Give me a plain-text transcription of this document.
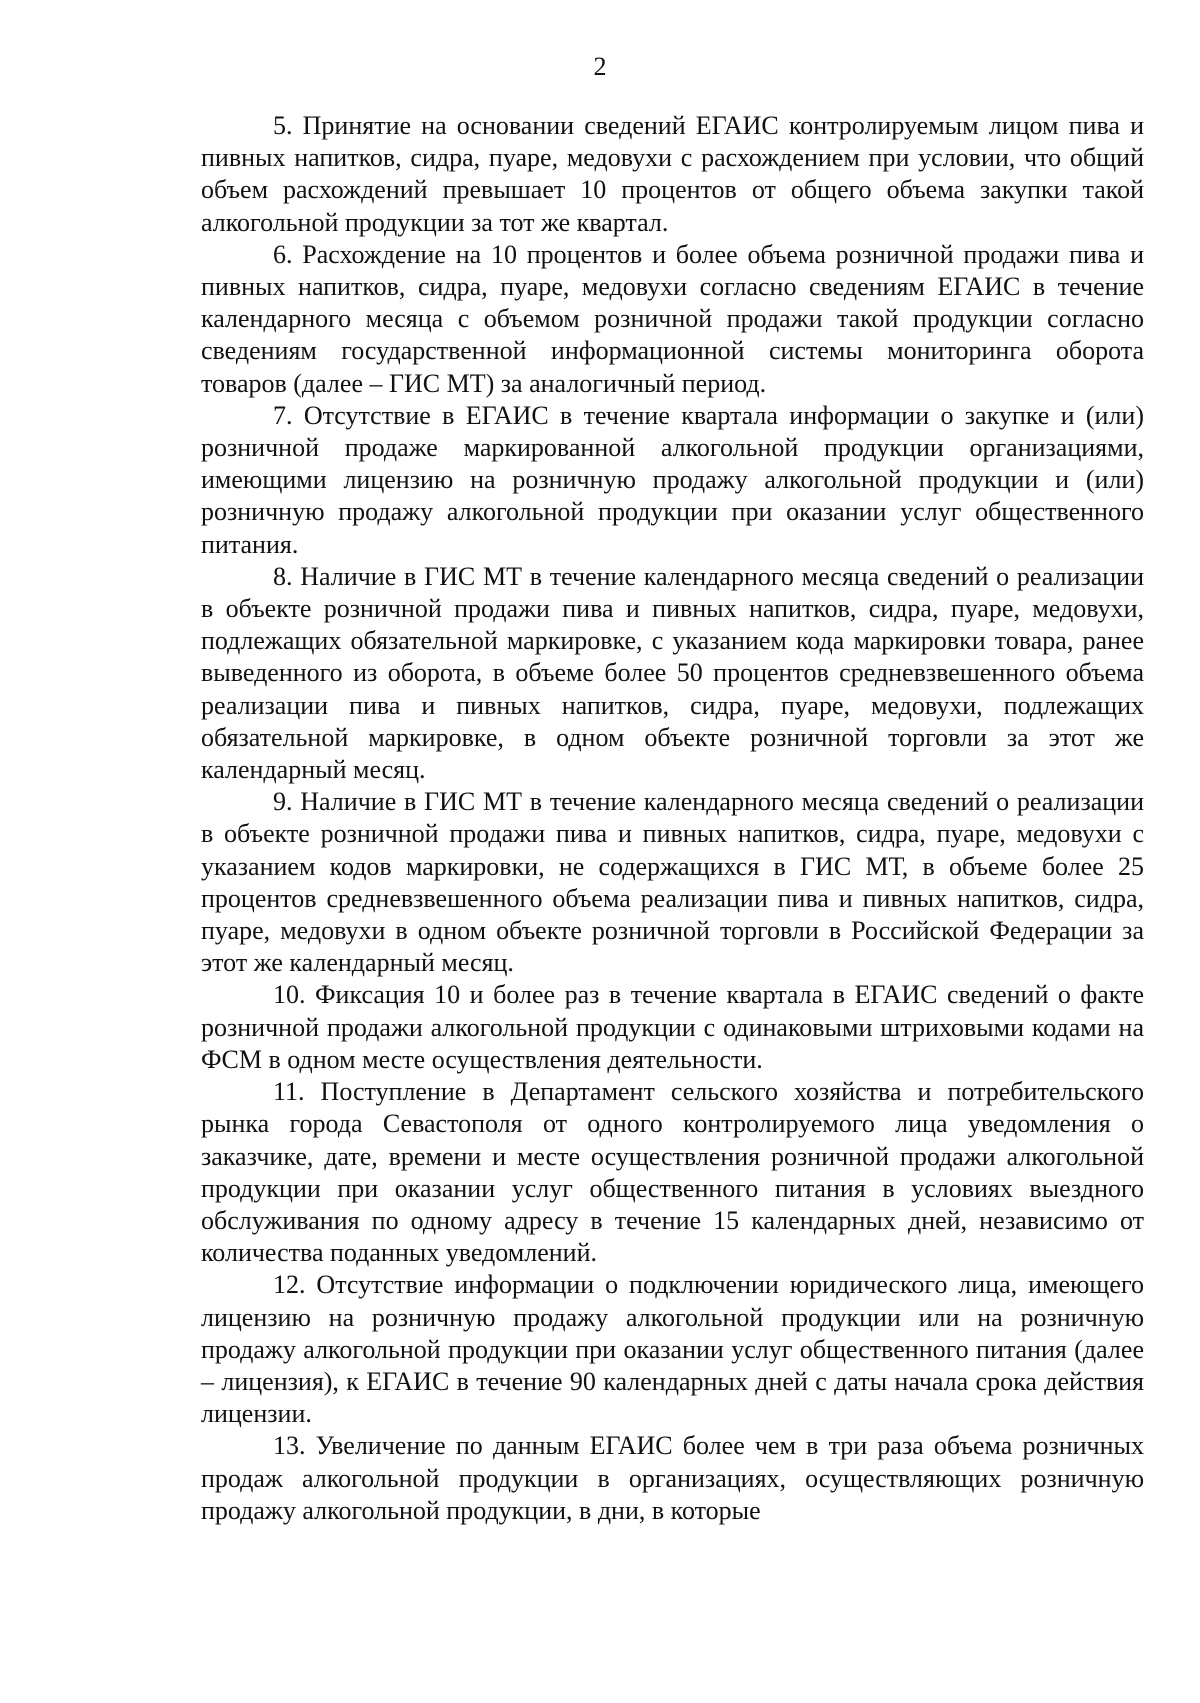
2

5. Принятие на основании сведений ЕГАИС контролируемым лицом пива и пивных напитков, сидра, пуаре, медовухи с расхождением при условии, что общий объем расхождений превышает 10 процентов от общего объема закупки такой алкогольной продукции за тот же квартал.

6. Расхождение на 10 процентов и более объема розничной продажи пива и пивных напитков, сидра, пуаре, медовухи согласно сведениям ЕГАИС в течение календарного месяца с объемом розничной продажи такой продукции согласно сведениям государственной информационной системы мониторинга оборота товаров (далее – ГИС МТ) за аналогичный период.

7. Отсутствие в ЕГАИС в течение квартала информации о закупке и (или) розничной продаже маркированной алкогольной продукции организациями, имеющими лицензию на розничную продажу алкогольной продукции и (или) розничную продажу алкогольной продукции при оказании услуг общественного питания.

8. Наличие в ГИС МТ в течение календарного месяца сведений о реализации в объекте розничной продажи пива и пивных напитков, сидра, пуаре, медовухи, подлежащих обязательной маркировке, с указанием кода маркировки товара, ранее выведенного из оборота, в объеме более 50 процентов средневзвешенного объема реализации пива и пивных напитков, сидра, пуаре, медовухи, подлежащих обязательной маркировке, в одном объекте розничной торговли за этот же календарный месяц.

9. Наличие в ГИС МТ в течение календарного месяца сведений о реализации в объекте розничной продажи пива и пивных напитков, сидра, пуаре, медовухи с указанием кодов маркировки, не содержащихся в ГИС МТ, в объеме более 25 процентов средневзвешенного объема реализации пива и пивных напитков, сидра, пуаре, медовухи в одном объекте розничной торговли в Российской Федерации за этот же календарный месяц.

10. Фиксация 10 и более раз в течение квартала в ЕГАИС сведений о факте розничной продажи алкогольной продукции с одинаковыми штриховыми кодами на ФСМ в одном месте осуществления деятельности.

11. Поступление в Департамент сельского хозяйства и потребительского рынка города Севастополя от одного контролируемого лица уведомления о заказчике, дате, времени и месте осуществления розничной продажи алкогольной продукции при оказании услуг общественного питания в условиях выездного обслуживания по одному адресу в течение 15 календарных дней, независимо от количества поданных уведомлений.

12. Отсутствие информации о подключении юридического лица, имеющего лицензию на розничную продажу алкогольной продукции или на розничную продажу алкогольной продукции при оказании услуг общественного питания (далее – лицензия), к ЕГАИС в течение 90 календарных дней с даты начала срока действия лицензии.

13. Увеличение по данным ЕГАИС более чем в три раза объема розничных продаж алкогольной продукции в организациях, осуществляющих розничную продажу алкогольной продукции, в дни, в которые
